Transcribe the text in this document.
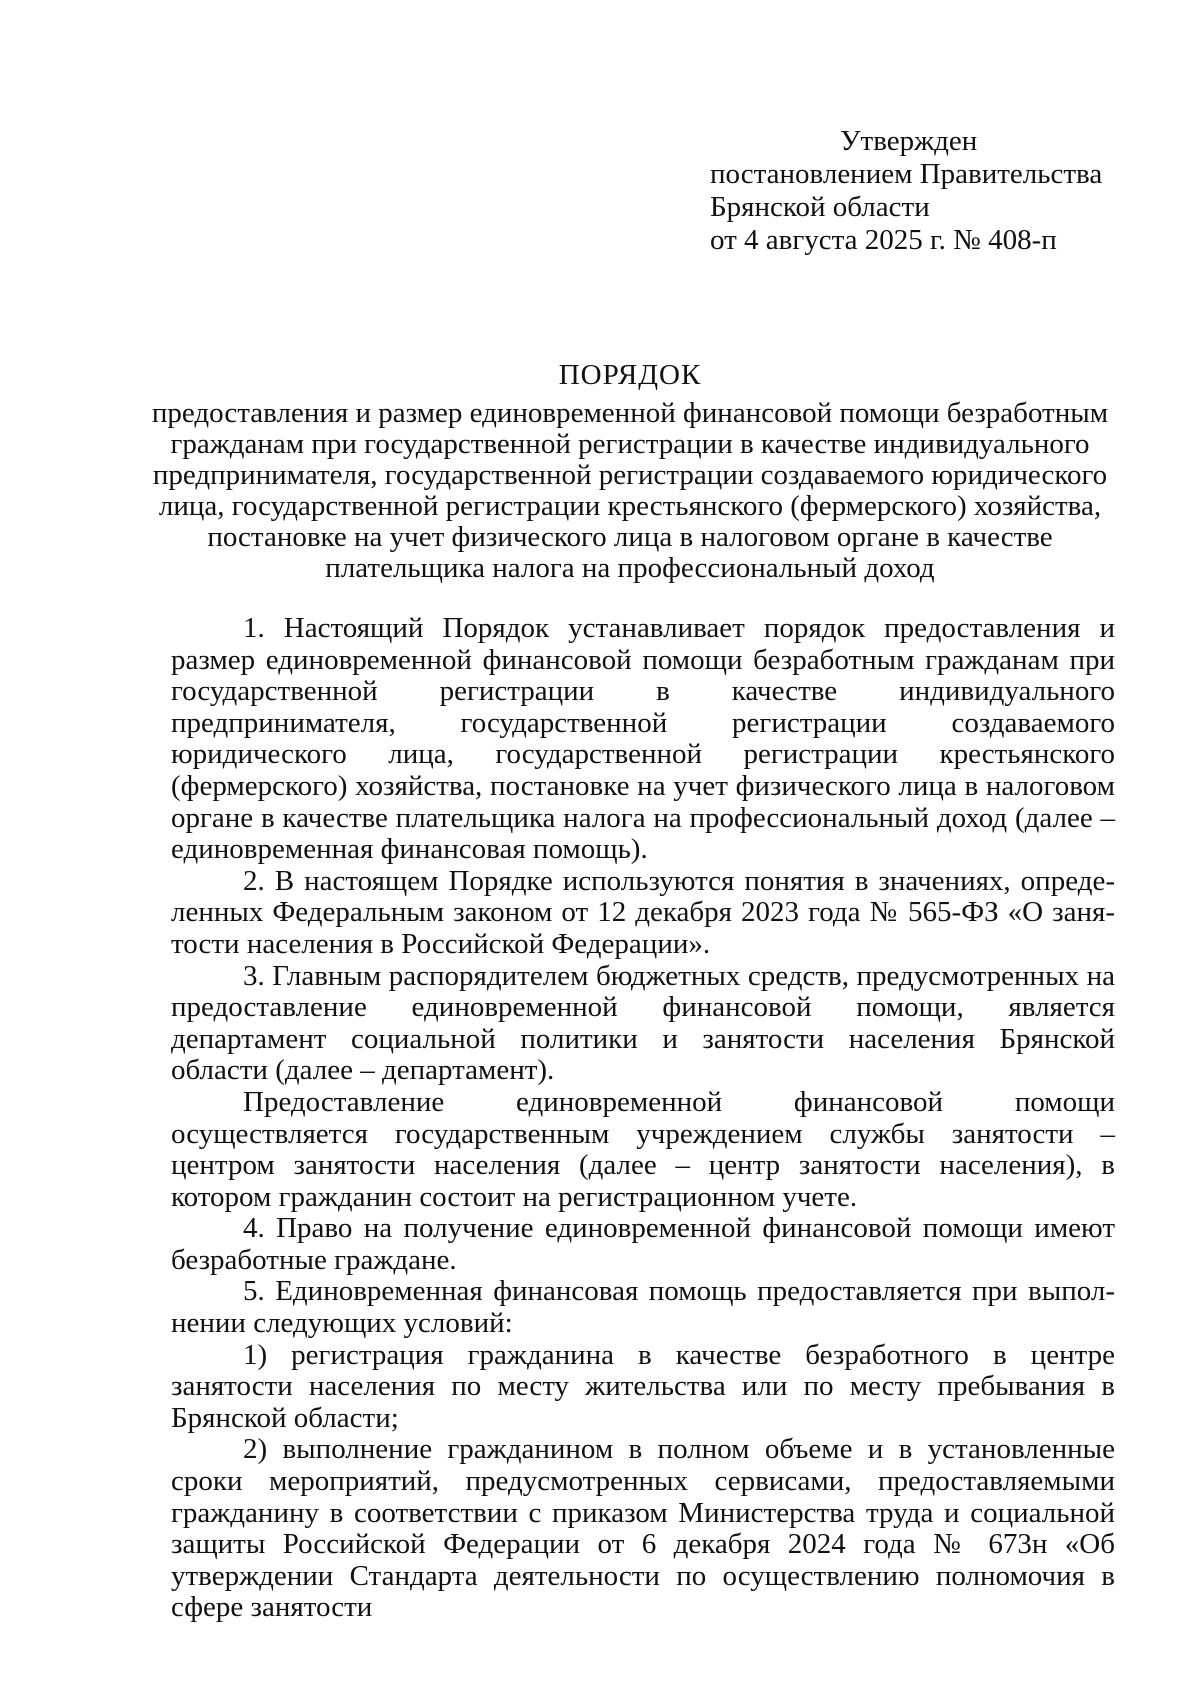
Утвержден
постановлением Правительства
Брянской области
от 4 августа 2025 г. № 408-п
ПОРЯДОК
предоставления и размер единовременной финансовой помощи безработным гражданам при государственной регистрации в качестве индивидуального предпринимателя, государственной регистрации создаваемого юридического лица, государственной регистрации крестьянского (фермерского) хозяйства, постановке на учет физического лица в налоговом органе в качестве плательщика налога на профессиональный доход

1. Настоящий Порядок устанавливает порядок предоставления и размер единовременной финансовой помощи безработным гражданам при государственной регистрации в качестве индивидуального предпринимателя, государственной регистрации создаваемого юридического лица, государственной регистрации крестьянского (фермерского) хозяйства, постановке на учет физического лица в налоговом органе в качестве плательщика налога на профессиональный доход (далее – единовременная финансовая помощь).

2. В настоящем Порядке используются понятия в значениях, определенных Федеральным законом от 12 декабря 2023 года № 565-ФЗ «О занятости населения в Российской Федерации».

3. Главным распорядителем бюджетных средств, предусмотренных на предоставление единовременной финансовой помощи, является департамент социальной политики и занятости населения Брянской области (далее – департамент).

Предоставление единовременной финансовой помощи осуществляется государственным учреждением службы занятости – центром занятости населения (далее – центр занятости населения), в котором гражданин состоит на регистрационном учете.

4. Право на получение единовременной финансовой помощи имеют безработные граждане.

5. Единовременная финансовая помощь предоставляется при выполнении следующих условий:

1) регистрация гражданина в качестве безработного в центре занятости населения по месту жительства или по месту пребывания в Брянской области;

2) выполнение гражданином в полном объеме и в установленные сроки мероприятий, предусмотренных сервисами, предоставляемыми гражданину в соответствии с приказом Министерства труда и социальной защиты Российской Федерации от 6 декабря 2024 года № 673н «Об утверждении Стандарта деятельности по осуществлению полномочия в сфере занятости
